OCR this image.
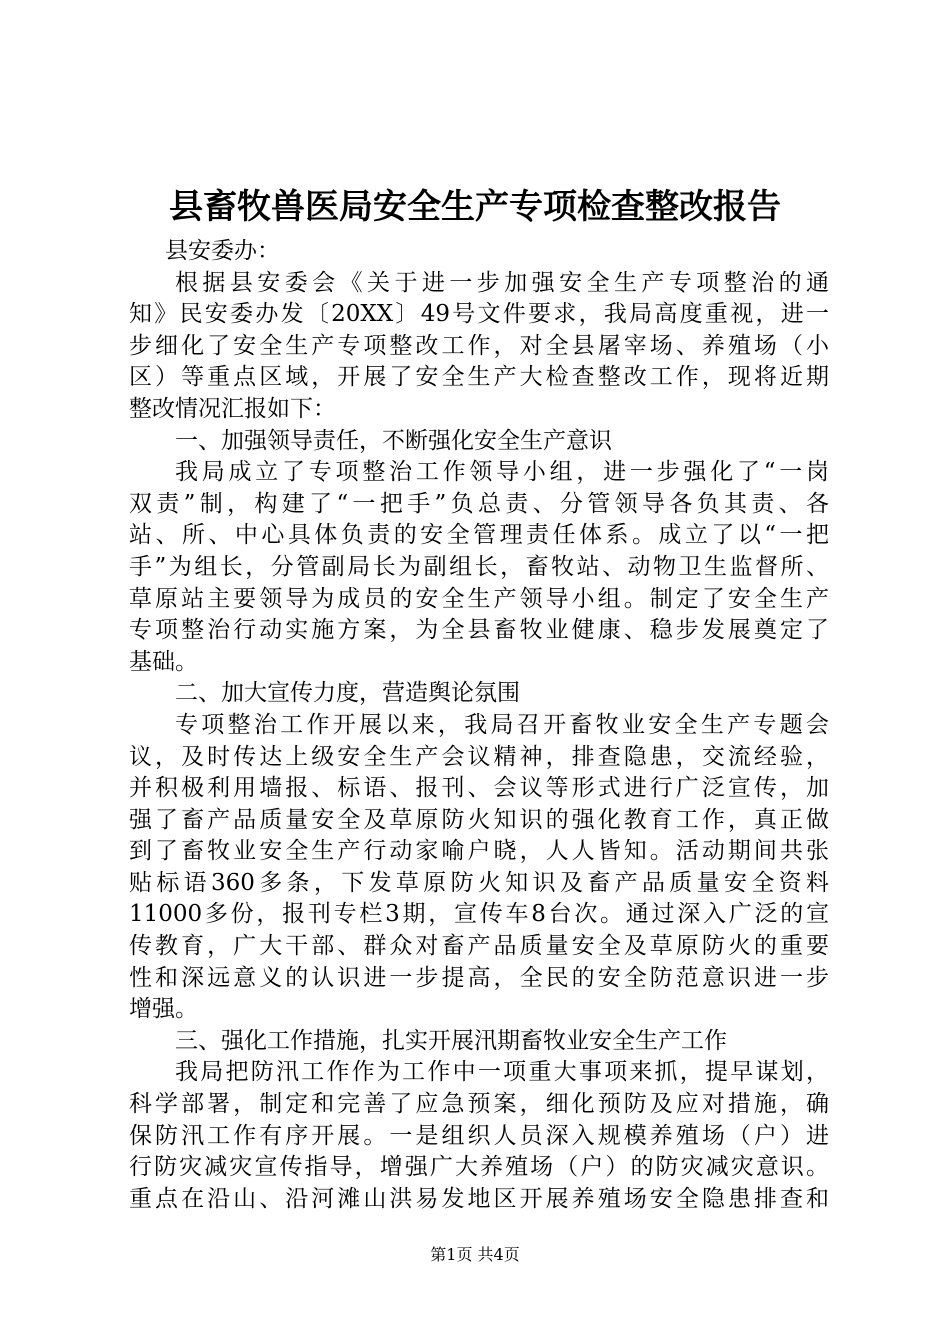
县畜牧兽医局安全生产专项检查整改报告
县安委办：
根据县安委会《关于进一步加强安全生产专项整治的通
知》民安委办发〔20XX〕49号文件要求，我局高度重视，进一
步细化了安全生产专项整改工作，对全县屠宰场、养殖场（小
区）等重点区域，开展了安全生产大检查整改工作，现将近期
整改情况汇报如下：
一、加强领导责任，不断强化安全生产意识
我局成立了专项整治工作领导小组，进一步强化了“一岗
双责”制，构建了“一把手”负总责、分管领导各负其责、各
站、所、中心具体负责的安全管理责任体系。成立了以“一把
手”为组长，分管副局长为副组长，畜牧站、动物卫生监督所、
草原站主要领导为成员的安全生产领导小组。制定了安全生产
专项整治行动实施方案，为全县畜牧业健康、稳步发展奠定了
基础。
二、加大宣传力度，营造舆论氛围
专项整治工作开展以来，我局召开畜牧业安全生产专题会
议，及时传达上级安全生产会议精神，排查隐患，交流经验，
并积极利用墙报、标语、报刊、会议等形式进行广泛宣传，加
强了畜产品质量安全及草原防火知识的强化教育工作，真正做
到了畜牧业安全生产行动家喻户晓，人人皆知。活动期间共张
贴标语360多条，下发草原防火知识及畜产品质量安全资料
11000多份，报刊专栏3期，宣传车8台次。通过深入广泛的宣
传教育，广大干部、群众对畜产品质量安全及草原防火的重要
性和深远意义的认识进一步提高，全民的安全防范意识进一步
增强。
三、强化工作措施，扎实开展汛期畜牧业安全生产工作
我局把防汛工作作为工作中一项重大事项来抓，提早谋划，
科学部署，制定和完善了应急预案，细化预防及应对措施，确
保防汛工作有序开展。一是组织人员深入规模养殖场（户）进
行防灾减灾宣传指导，增强广大养殖场（户）的防灾减灾意识。
重点在沿山、沿河滩山洪易发地区开展养殖场安全隐患排查和
第1页 共4页
